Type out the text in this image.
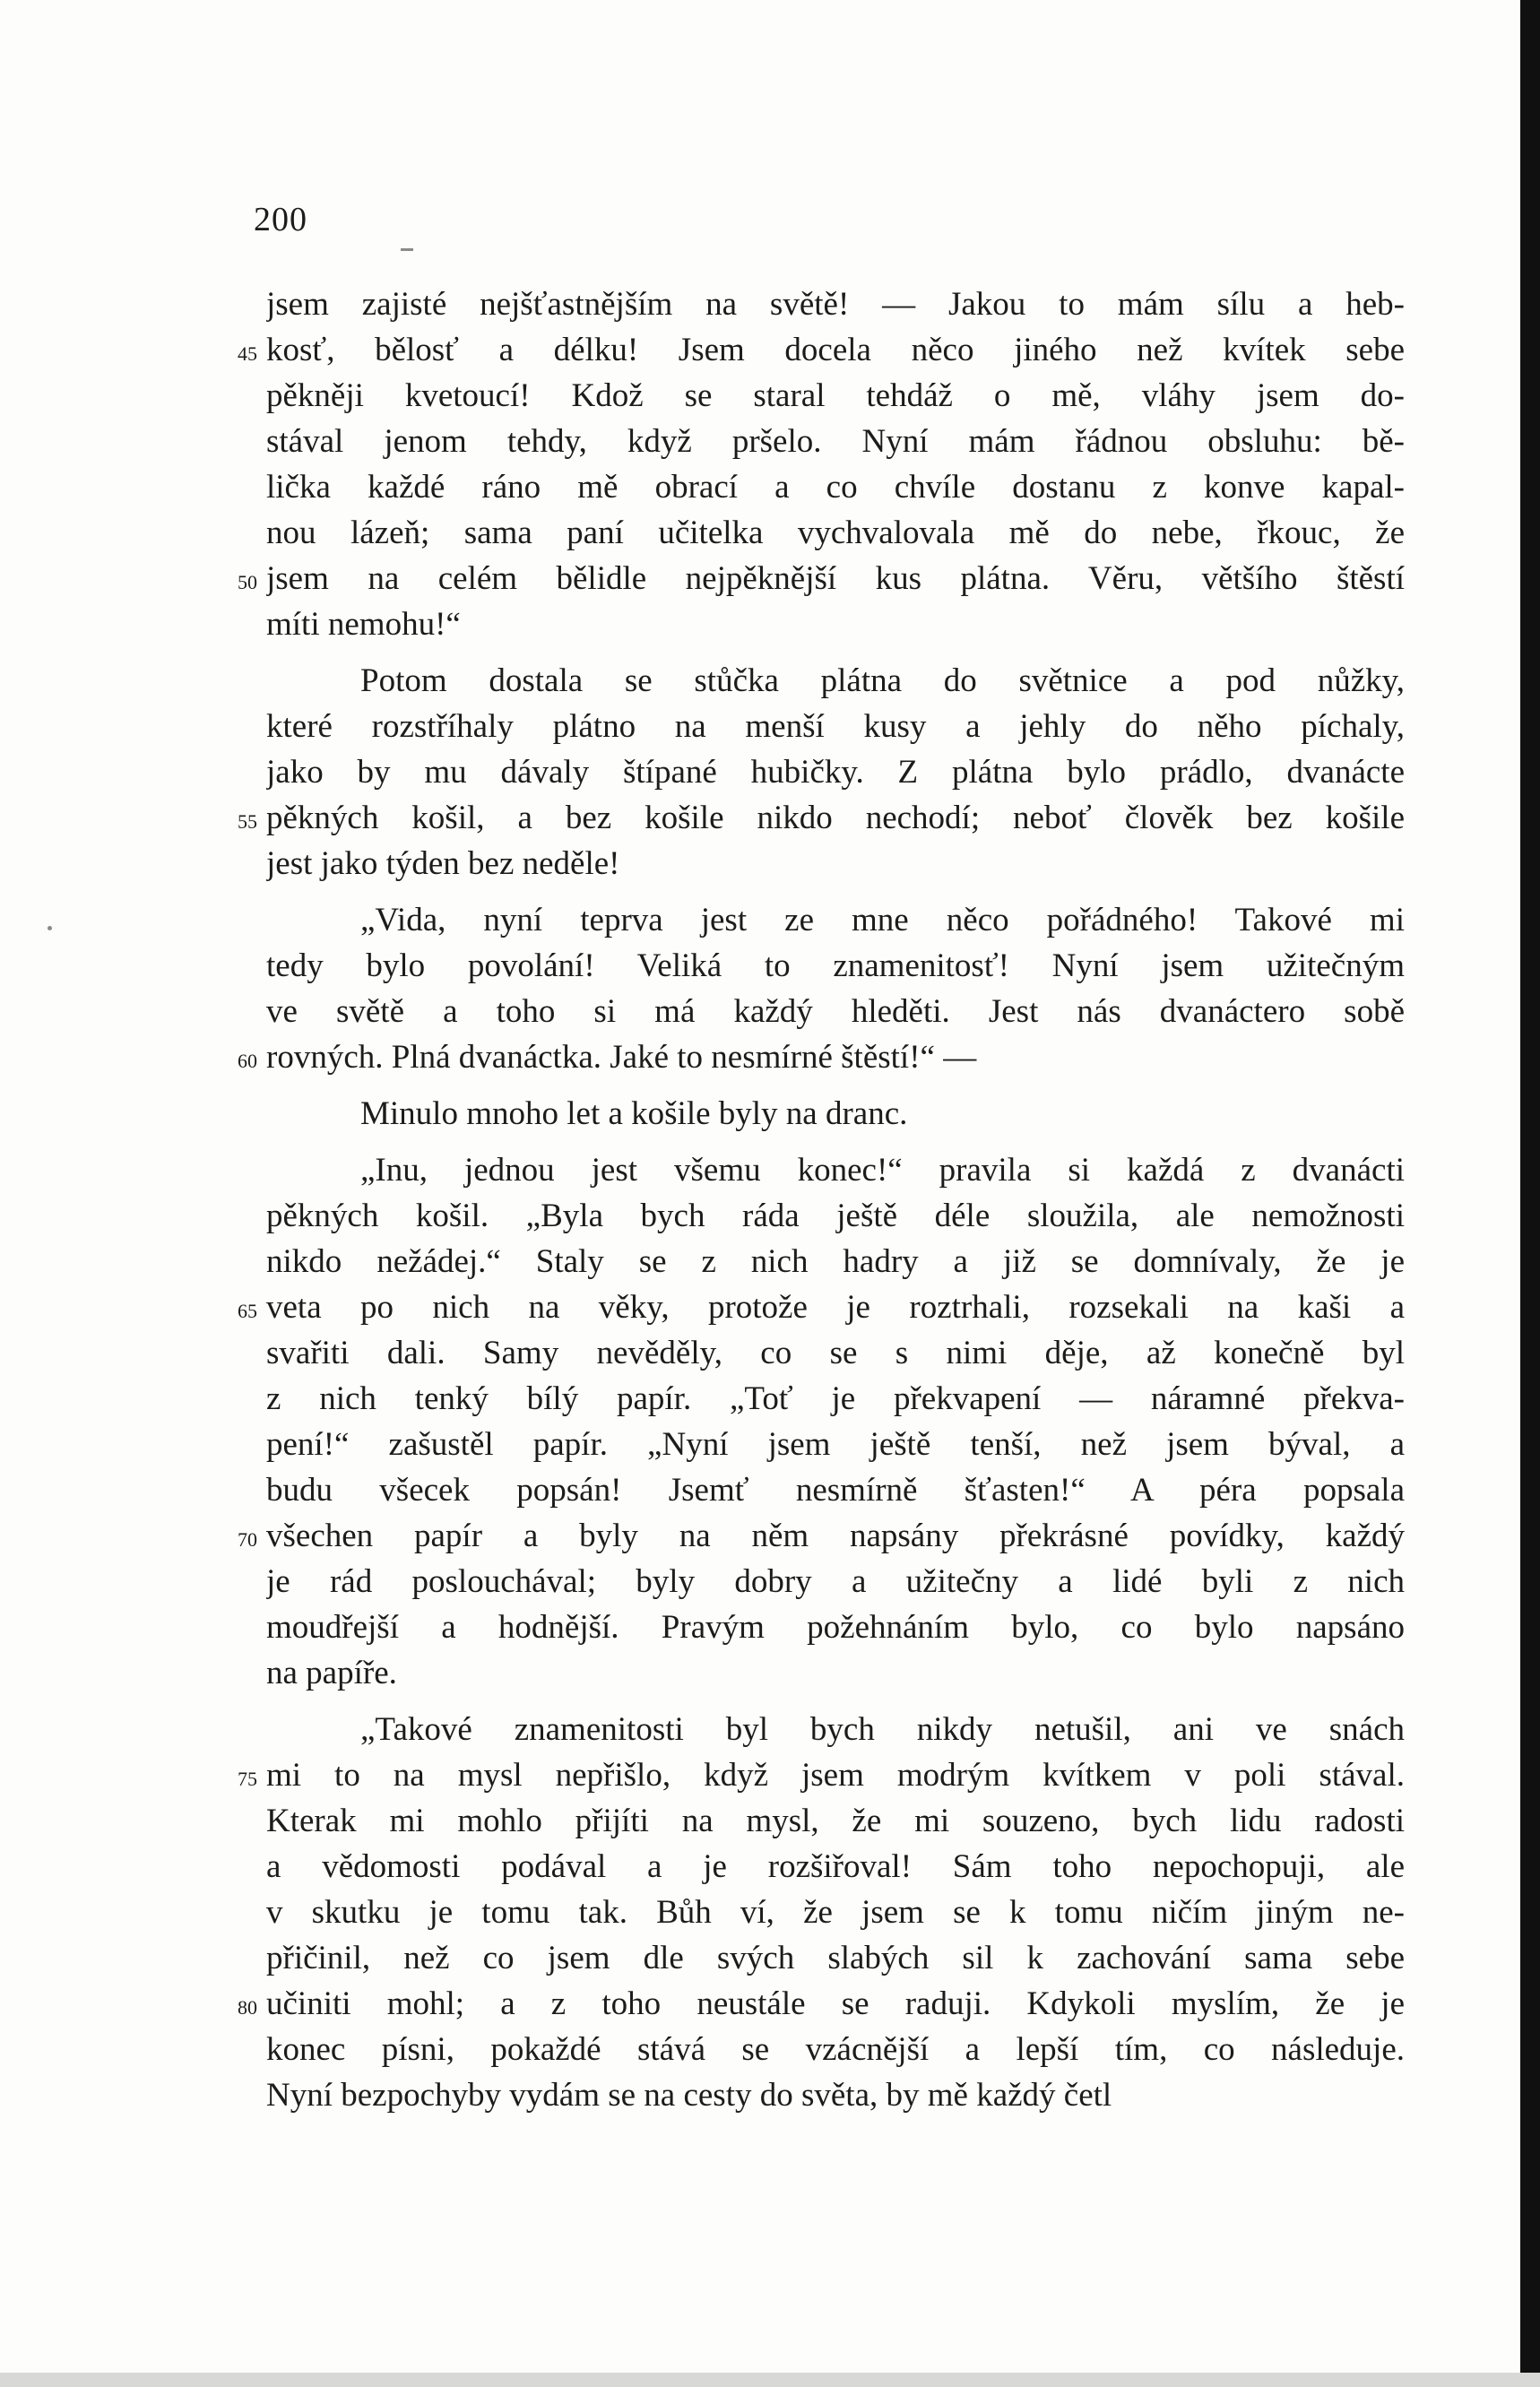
200
jsem zajisté nejšťastnějším na světě! — Jakou to mám sílu a heb-
kosť, bělosť a délku! Jsem docela něco jiného než kvítek sebe
pěkněji kvetoucí! Kdož se staral tehdáž o mě, vláhy jsem do-
stával jenom tehdy, když pršelo. Nyní mám řádnou obsluhu: bě-
lička každé ráno mě obrací a co chvíle dostanu z konve kapal-
nou lázeň; sama paní učitelka vychvalovala mě do nebe, řkouc, že
jsem na celém bělidle nejpěknější kus plátna. Věru, většího štěstí
míti nemohu!“
Potom dostala se stůčka plátna do světnice a pod nůžky,
které rozstříhaly plátno na menší kusy a jehly do něho píchaly,
jako by mu dávaly štípané hubičky. Z plátna bylo prádlo, dvanácte
pěkných košil, a bez košile nikdo nechodí; neboť člověk bez košile
jest jako týden bez neděle!
„Vida, nyní teprva jest ze mne něco pořádného! Takové mi
tedy bylo povolání! Veliká to znamenitosť! Nyní jsem užitečným
ve světě a toho si má každý hleděti. Jest nás dvanáctero sobě
rovných. Plná dvanáctka. Jaké to nesmírné štěstí!“ —
Minulo mnoho let a košile byly na dranc.
„Inu, jednou jest všemu konec!“ pravila si každá z dvanácti
pěkných košil. „Byla bych ráda ještě déle sloužila, ale nemožnosti
nikdo nežádej.“ Staly se z nich hadry a již se domnívaly, že je
veta po nich na věky, protože je roztrhali, rozsekali na kaši a
svařiti dali. Samy nevěděly, co se s nimi děje, až konečně byl
z nich tenký bílý papír. „Toť je překvapení — náramné překva-
pení!“ zašustěl papír. „Nyní jsem ještě tenší, než jsem býval, a
budu všecek popsán! Jsemť nesmírně šťasten!“ A péra popsala
všechen papír a byly na něm napsány překrásné povídky, každý
je rád poslouchával; byly dobry a užitečny a lidé byli z nich
moudřejší a hodnější. Pravým požehnáním bylo, co bylo napsáno
na papíře.
„Takové znamenitosti byl bych nikdy netušil, ani ve snách
mi to na mysl nepřišlo, když jsem modrým kvítkem v poli stával.
Kterak mi mohlo přijíti na mysl, že mi souzeno, bych lidu radosti
a vědomosti podával a je rozšiřoval! Sám toho nepochopuji, ale
v skutku je tomu tak. Bůh ví, že jsem se k tomu ničím jiným ne-
přičinil, než co jsem dle svých slabých sil k zachování sama sebe
učiniti mohl; a z toho neustále se raduji. Kdykoli myslím, že je
konec písni, pokaždé stává se vzácnější a lepší tím, co následuje.
Nyní bezpochyby vydám se na cesty do světa, by mě každý četl
45
50
55
60
65
70
75
80
